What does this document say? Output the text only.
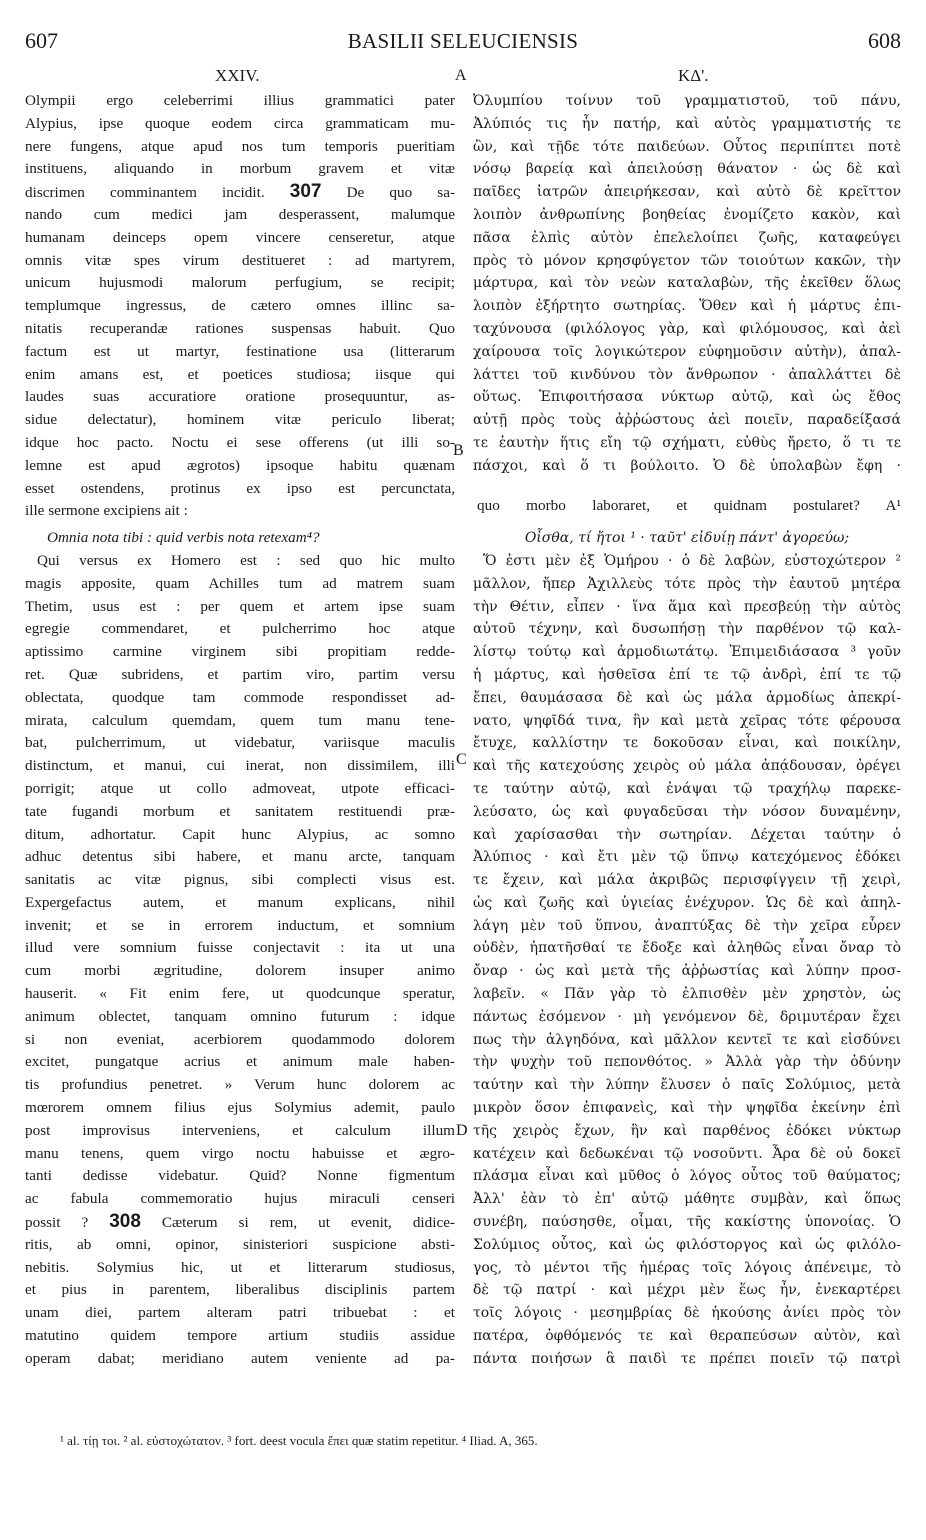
607	BASILII SELEUCIENSIS	608
XXIV.	ΚΔ'.
A
B
C
D
Olympii ergo celeberrimi illius grammatici pater
Alypius, ipse quoque eodem circa grammaticam mu-
nere fungens, atque apud nos tum temporis pueritiam
instituens, aliquando in morbum gravem et vitæ
discrimen comminantem incidit. 307 De quo sa-
nando cum medici jam desperassent, malumque
humanam deinceps opem vincere censeretur, atque
omnis vitæ spes virum destitueret : ad martyrem,
unicum hujusmodi malorum perfugium, se recipit;
templumque ingressus, de cætero omnes illinc sa-
nitatis recuperandæ rationes suspensas habuit. Quo
factum est ut martyr, festinatione usa (litterarum
enim amans est, et poetices studiosa; iisque qui
laudes suas accuratiore oratione prosequuntur, as-
sidue delectatur), hominem vitæ periculo liberat;
idque hoc pacto. Noctu ei sese offerens (ut illi so-
lemne est apud ægrotos) ipsoque habitu quænam
esset ostendens, protinus ex ipso est percunctata,
ille sermone excipiens ait :
Omnia nota tibi : quid verbis nota retexam⁴?
Qui versus ex Homero est : sed quo hic multo
magis apposite, quam Achilles tum ad matrem suam
Thetim, usus est : per quem et artem ipse suam
egregie commendaret, et pulcherrimo hoc atque
aptissimo carmine virginem sibi propitiam redde-
ret. Quæ subridens, et partim viro, partim versu
oblectata, quodque tam commode respondisset ad-
mirata, calculum quemdam, quem tum manu tene-
bat, pulcherrimum, ut videbatur, variisque maculis
distinctum, et manui, cui inerat, non dissimilem, illi
porrigit; atque ut collo admoveat, utpote efficaci-
tate fugandi morbum et sanitatem restituendi præ-
ditum, adhortatur. Capit hunc Alypius, ac somno
adhuc detentus sibi habere, et manu arcte, tanquam
sanitatis ac vitæ pignus, sibi complecti visus est.
Expergefactus autem, et manum explicans, nihil
invenit; et se in errorem inductum, et somnium
illud vere somnium fuisse conjectavit : ita ut una
cum morbi ægritudine, dolorem insuper animo
hauserit. « Fit enim fere, ut quodcunque speratur,
animum oblectet, tanquam omnino futurum : idque
si non eveniat, acerbiorem quodammodo dolorem
excitet, pungatque acrius et animum male haben-
tis profundius penetret. » Verum hunc dolorem ac
mœrorem omnem filius ejus Solymius ademit, paulo
post improvisus interveniens, et calculum illum
manu tenens, quem virgo noctu habuisse et ægro-
tanti dedisse videbatur. Quid? Nonne figmentum
ac fabula commemoratio hujus miraculi censeri
possit ? 308 Cæterum si rem, ut evenit, didice-
ritis, ab omni, opinor, sinisteriori suspicione absti-
nebitis. Solymius hic, ut et litterarum studiosus,
et pius in parentem, liberalibus disciplinis partem
unam diei, partem alteram patri tribuebat : et
matutino quidem tempore artium studiis assidue
operam dabat; meridiano autem veniente ad pa-
Ὀλυμπίου τοίνυν τοῦ γραμματιστοῦ, τοῦ πάνυ,
Ἀλύπιός τις ἦν πατήρ, καὶ αὐτὸς γραμματιστής τε
ὢν, καὶ τῇδε τότε παιδεύων. Οὗτος περιπίπτει ποτὲ
νόσῳ βαρείᾳ καὶ ἀπειλούσῃ θάνατον · ὡς δὲ καὶ
παῖδες ἰατρῶν ἀπειρήκεσαν, καὶ αὐτὸ δὲ κρεῖττον
λοιπὸν ἀνθρωπίνης βοηθείας ἐνομίζετο κακὸν, καὶ
πᾶσα ἐλπὶς αὐτὸν ἐπελελοίπει ζωῆς, καταφεύγει
πρὸς τὸ μόνον κρησφύγετον τῶν τοιούτων κακῶν, τὴν
μάρτυρα, καὶ τὸν νεὼν καταλαβὼν, τῆς ἐκεῖθεν ὅλως
λοιπὸν ἐξήρτητο σωτηρίας. Ὅθεν καὶ ἡ μάρτυς ἐπι-
ταχύνουσα (φιλόλογος γὰρ, καὶ φιλόμουσος, καὶ ἀεὶ
χαίρουσα τοῖς λογικώτερον εὐφημοῦσιν αὐτὴν), ἀπαλ-
λάττει τοῦ κινδύνου τὸν ἄνθρωπον · ἀπαλλάττει δὲ
οὕτως. Ἐπιφοιτήσασα νύκτωρ αὐτῷ, καὶ ὡς ἔθος
αὐτῇ πρὸς τοὺς ἀῤῥώστους ἀεὶ ποιεῖν, παραδείξασά
τε ἑαυτὴν ἥτις εἴη τῷ σχήματι, εὐθὺς ἤρετο, ὅ τι τε
πάσχοι, καὶ ὅ τι βούλοιτο. Ὁ δὲ ὑπολαβὼν ἔφη ·
Οἶσθα, τί ἤτοι ¹ · ταῦτ' εἰδυίῃ πάντ' ἀγορεύω;
Ὅ ἐστι μὲν ἐξ Ὁμήρου · ὁ δὲ λαβὼν, εὐστοχώτερον ²
μᾶλλον, ἤπερ Ἀχιλλεὺς τότε πρὸς τὴν ἑαυτοῦ μητέρα
τὴν Θέτιν, εἶπεν · ἵνα ἅμα καὶ πρεσβεύῃ τὴν αὐτὸς
αὐτοῦ τέχνην, καὶ δυσωπήσῃ τὴν παρθένον τῷ καλ-
λίστῳ τούτῳ καὶ ἁρμοδιωτάτῳ. Ἐπιμειδιάσασα ³ γοῦν
ἡ μάρτυς, καὶ ἡσθεῖσα ἐπί τε τῷ ἀνδρὶ, ἐπί τε τῷ
ἔπει, θαυμάσασα δὲ καὶ ὡς μάλα ἁρμοδίως ἀπεκρί-
νατο, ψηφῖδά τινα, ἣν καὶ μετὰ χεῖρας τότε φέρουσα
ἔτυχε, καλλίστην τε δοκοῦσαν εἶναι, καὶ ποικίλην,
καὶ τῆς κατεχούσης χειρὸς οὐ μάλα ἀπᾴδουσαν, ὀρέγει
τε ταύτην αὐτῷ, καὶ ἐνάψαι τῷ τραχήλῳ παρεκε-
λεύσατο, ὡς καὶ φυγαδεῦσαι τὴν νόσον δυναμένην,
καὶ χαρίσασθαι τὴν σωτηρίαν. Δέχεται ταύτην ὁ
Ἀλύπιος · καὶ ἔτι μὲν τῷ ὕπνῳ κατεχόμενος ἐδόκει
τε ἔχειν, καὶ μάλα ἀκριβῶς περισφίγγειν τῇ χειρὶ,
ὡς καὶ ζωῆς καὶ ὑγιείας ἐνέχυρον. Ὡς δὲ καὶ ἀπηλ-
λάγη μὲν τοῦ ὕπνου, ἀναπτύξας δὲ τὴν χεῖρα εὗρεν
οὐδὲν, ἠπατῆσθαί τε ἔδοξε καὶ ἀληθῶς εἶναι ὄναρ τὸ
ὄναρ · ὡς καὶ μετὰ τῆς ἀῤῥωστίας καὶ λύπην προσ-
λαβεῖν. « Πᾶν γὰρ τὸ ἐλπισθὲν μὲν χρηστὸν, ὡς
πάντως ἐσόμενον · μὴ γενόμενον δὲ, δριμυτέραν ἔχει
πως τὴν ἀλγηδόνα, καὶ μᾶλλον κεντεῖ τε καὶ εἰσδύνει
τὴν ψυχὴν τοῦ πεπονθότος. » Ἀλλὰ γὰρ τὴν ὀδύνην
ταύτην καὶ τὴν λύπην ἔλυσεν ὁ παῖς Σολύμιος, μετὰ
μικρὸν ὅσον ἐπιφανεὶς, καὶ τὴν ψηφῖδα ἐκείνην ἐπὶ
τῆς χειρὸς ἔχων, ἣν καὶ παρθένος ἐδόκει νύκτωρ
κατέχειν καὶ δεδωκέναι τῷ νοσοῦντι. Ἆρα δὲ οὐ δοκεῖ
πλάσμα εἶναι καὶ μῦθος ὁ λόγος οὗτος τοῦ θαύματος;
Ἀλλ' ἐὰν τὸ ἐπ' αὐτῷ μάθητε συμβὰν, καὶ ὅπως
συνέβη, παύσησθε, οἶμαι, τῆς κακίστης ὑπονοίας. Ὁ
Σολύμιος οὗτος, καὶ ὡς φιλόστοργος καὶ ὡς φιλόλο-
γος, τὸ μέντοι τῆς ἡμέρας τοῖς λόγοις ἀπένειμε, τὸ
δὲ τῷ πατρί · καὶ μέχρι μὲν ἕως ἦν, ἐνεκαρτέρει
τοῖς λόγοις · μεσημβρίας δὲ ἡκούσης ἀνίει πρὸς τὸν
πατέρα, ὀφθόμενός τε καὶ θεραπεύσων αὐτὸν, καὶ
πάντα ποιήσων ἃ παιδὶ τε πρέπει ποιεῖν τῷ πατρὶ
quo morbo laboraret, et quidnam postularet? A¹
¹ al. τίῃ τοι. ² al. εὐστοχώτατον. ³ fort. deest vocula ἔπει quæ statim repetitur. ⁴ Iliad. A, 365.
